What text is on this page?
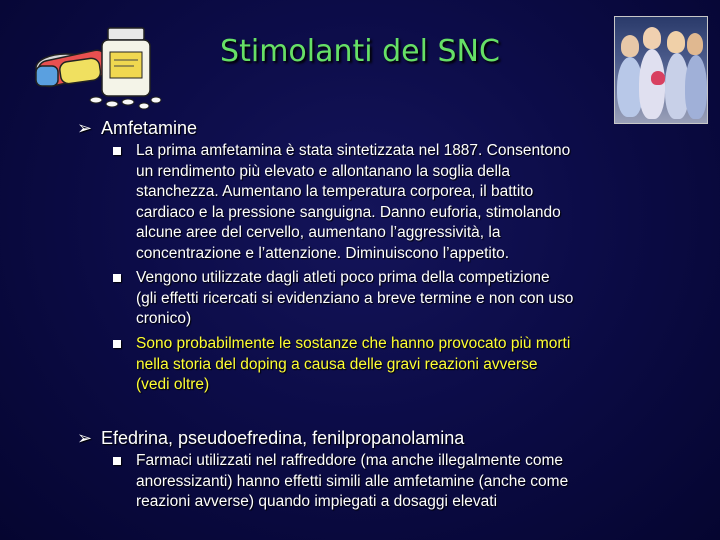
Stimolanti del SNC
➢ Amfetamine
La prima amfetamina è stata sintetizzata nel 1887. Consentono
un rendimento più elevato e allontanano la soglia della
stanchezza. Aumentano la temperatura corporea, il battito
cardiaco e la pressione sanguigna. Danno euforia, stimolando
alcune aree del cervello, aumentano l’aggressività, la
concentrazione e l’attenzione. Diminuiscono l’appetito.
Vengono utilizzate dagli atleti poco prima della competizione
(gli effetti ricercati si evidenziano a breve termine e non con uso
cronico)
Sono probabilmente le sostanze che hanno provocato più morti
nella storia del doping a causa delle gravi reazioni avverse
(vedi oltre)
➢ Efedrina, pseudoefredina, fenilpropanolamina
Farmaci utilizzati nel raffreddore (ma anche illegalmente come
anoressizanti) hanno effetti simili alle amfetamine (anche come
reazioni avverse) quando impiegati a dosaggi elevati
